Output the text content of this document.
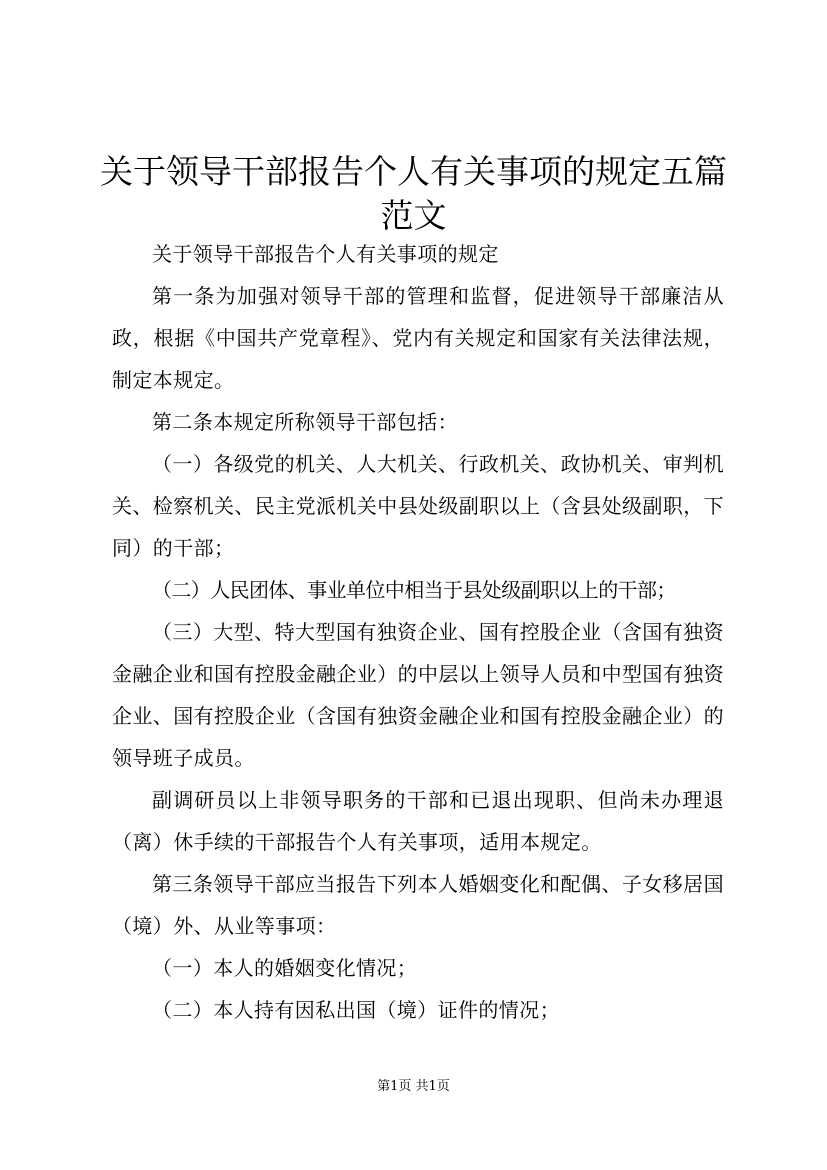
关于领导干部报告个人有关事项的规定五篇范文

关于领导干部报告个人有关事项的规定

第一条为加强对领导干部的管理和监督，促进领导干部廉洁从政，根据《中国共产党章程》、党内有关规定和国家有关法律法规，制定本规定。

第二条本规定所称领导干部包括：

（一）各级党的机关、人大机关、行政机关、政协机关、审判机关、检察机关、民主党派机关中县处级副职以上（含县处级副职，下同）的干部；

（二）人民团体、事业单位中相当于县处级副职以上的干部；

（三）大型、特大型国有独资企业、国有控股企业（含国有独资金融企业和国有控股金融企业）的中层以上领导人员和中型国有独资企业、国有控股企业（含国有独资金融企业和国有控股金融企业）的领导班子成员。

副调研员以上非领导职务的干部和已退出现职、但尚未办理退（离）休手续的干部报告个人有关事项，适用本规定。

第三条领导干部应当报告下列本人婚姻变化和配偶、子女移居国（境）外、从业等事项：

（一）本人的婚姻变化情况；

（二）本人持有因私出国（境）证件的情况；

第1页 共1页
